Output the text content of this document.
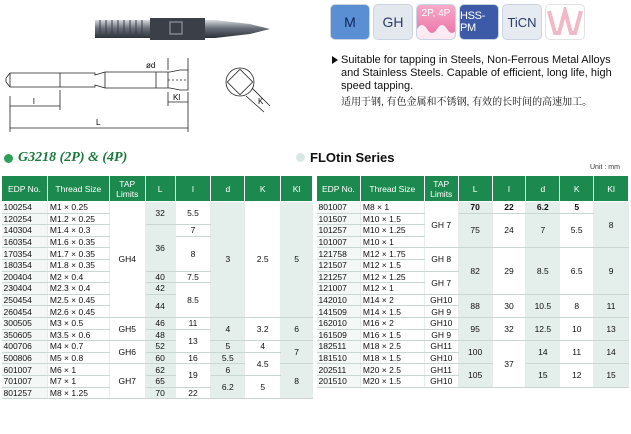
ød
l
L
Kl	K
M GH
2P, 4P HSS-PM	TiCN
Suitable for tapping in Steels, Non-Ferrous Metal Alloys and Stainless Steels. Capable of efficient, long life, high speed tapping.
适用于钢, 有色金属和不锈钢, 有效的长时间的高速加工。
G3218 (2P) & (4P)	FLOtin Series
Unit : mm
EDP No.	Thread Size	TAP Limits	L	l	d	K	Kl
100254	M1 × 0.25	GH4	32	5.5	3	2.5	5
120254	M1.2 × 0.25						
140304	M1.4 × 0.3		36	7			
160354	M1.6 × 0.35			8			
170354	M1.7 × 0.35						
180354	M1.8 × 0.35						
200404	M2 × 0.4		40	7.5			
230404	M2.3 × 0.4		42	8.5			
250454	M2.5 × 0.45		44				
260454	M2.6 × 0.45						
300505	M3 × 0.5	GH5	46	11	4	3.2	6
350605	M3.5 × 0.6		48	13			
400706	M4 × 0.7	GH6	52		5	4	7
500806	M5 × 0.8		60	16	5.5	4.5	
601007	M6 × 1	GH7	62	19	6		8
701007	M7 × 1		65		6.2	5	
801257	M8 × 1.25		70	22			
EDP No.	Thread Size	TAP Limits	L	l	d	K	Kl
801007	M8 × 1	GH 7	70	22	6.2	5	8
101507	M10 × 1.5		75	24	7	5.5	
101257	M10 × 1.25						
101007	M10 × 1						
121758	M12 × 1.75	GH 8	82	29	8.5	6.5	9
121507	M12 × 1.5						
121257	M12 × 1.25	GH 7					
121007	M12 × 1						
142010	M14 × 2	GH10	88	30	10.5	8	11
141509	M14 × 1.5	GH 9					
162010	M16 × 2	GH10	95	32	12.5	10	13
161509	M16 × 1.5	GH 9					
182511	M18 × 2.5	GH11	100	37	14	11	14
181510	M18 × 1.5	GH10					
202511	M20 × 2.5	GH11	105		15	12	15
201510	M20 × 1.5	GH10					
